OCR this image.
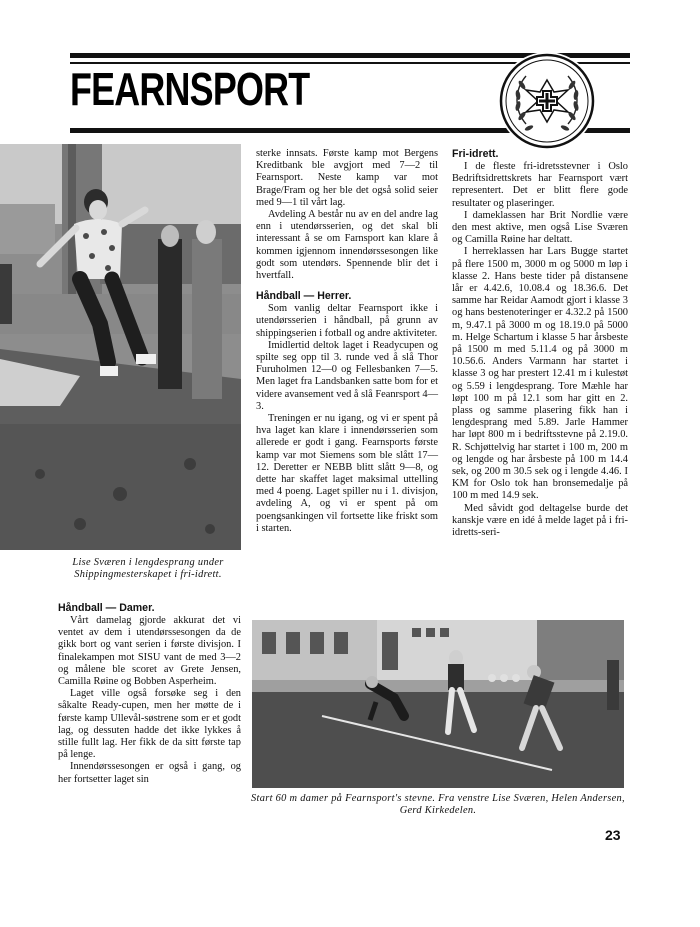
FEARNSPORT
Lise Sværen i lengdesprang under Shippingmesterskapet i fri-idrett.
Håndball — Damer.

Vårt damelag gjorde akkurat det vi ventet av dem i utendørssesongen da de gikk bort og vant serien i første divisjon. I finalekampen mot SISU vant de med 3—2 og målene ble scoret av Grete Jensen, Camilla Røine og Bobben Asperheim.

Laget ville også forsøke seg i den såkalte Ready-cupen, men her møtte de i første kamp Ullevål-søstrene som er et godt lag, og dessuten hadde det ikke lykkes å stille fullt lag. Her fikk de da sitt første tap på lenge.

Innendørssesongen er også i gang, og her fortsetter laget sin

sterke innsats. Første kamp mot Bergens Kreditbank ble avgjort med 7—2 til Fearnsport. Neste kamp var mot Brage/Fram og her ble det også solid seier med 9—1 til vårt lag.

Avdeling A består nu av en del andre lag enn i utendørsserien, og det skal bli interessant å se om Farnsport kan klare å kommen igjennom innendørssesongen like godt som utendørs. Spennende blir det i hvertfall.

Håndball — Herrer.

Som vanlig deltar Fearnsport ikke i utendørsserien i håndball, på grunn av shippingserien i fotball og andre aktiviteter.

Imidlertid deltok laget i Readycupen og spilte seg opp til 3. runde ved å slå Thor Furuholmen 12—0 og Fellesbanken 7—5. Men laget fra Landsbanken satte bom for et videre avansement ved å slå Feanrsport 4—3.

Treningen er nu igang, og vi er spent på hva laget kan klare i innendørsserien som allerede er godt i gang. Fearnsports første kamp var mot Siemens som ble slått 17—12. Deretter er NEBB blitt slått 9—8, og dette har skaffet laget maksimal uttelling med 4 poeng. Laget spiller nu i 1. divisjon, avdeling A, og vi er spent på om poengsankingen vil fortsette like friskt som i starten.

Fri-idrett.

I de fleste fri-idretsstevner i Oslo Bedriftsidrettskrets har Fearnsport vært representert. Det er blitt flere gode resultater og plaseringer.

I dameklassen har Brit Nordlie være den mest aktive, men også Lise Sværen og Camilla Røine har deltatt.

I herreklassen har Lars Bugge startet på flere 1500 m, 3000 m og 5000 m løp i klasse 2. Hans beste tider på distansene lår er 4.42.6, 10.08.4 og 18.36.6. Det samme har Reidar Aamodt gjort i klasse 3 og hans bestenoteringer er 4.32.2 på 1500 m, 9.47.1 på 3000 m og 18.19.0 på 5000 m. Helge Schartum i klasse 5 har årsbeste på 1500 m med 5.11.4 og på 3000 m 10.56.6. Anders Varmann har startet i klasse 3 og har prestert 12.41 m i kulestøt og 5.59 i lengdesprang. Tore Mæhle har løpt 100 m på 12.1 som har gitt en 2. plass og samme plasering fikk han i lengdesprang med 5.89. Jarle Hammer har løpt 800 m i bedriftsstevne på 2.19.0. R. Schjøttelvig har startet i 100 m, 200 m og lengde og har årsbeste på 100 m 14.4 sek, og 200 m 30.5 sek og i lengde 4.46. I KM for Oslo tok han bronsemedalje på 100 m med 14.9 sek.

Med såvidt god deltagelse burde det kanskje være en idé å melde laget på i fri-idretts-seri-

Start 60 m damer på Fearnsport's stevne. Fra venstre Lise Sværen, Helen Andersen, Gerd Kirkedelen.
23
